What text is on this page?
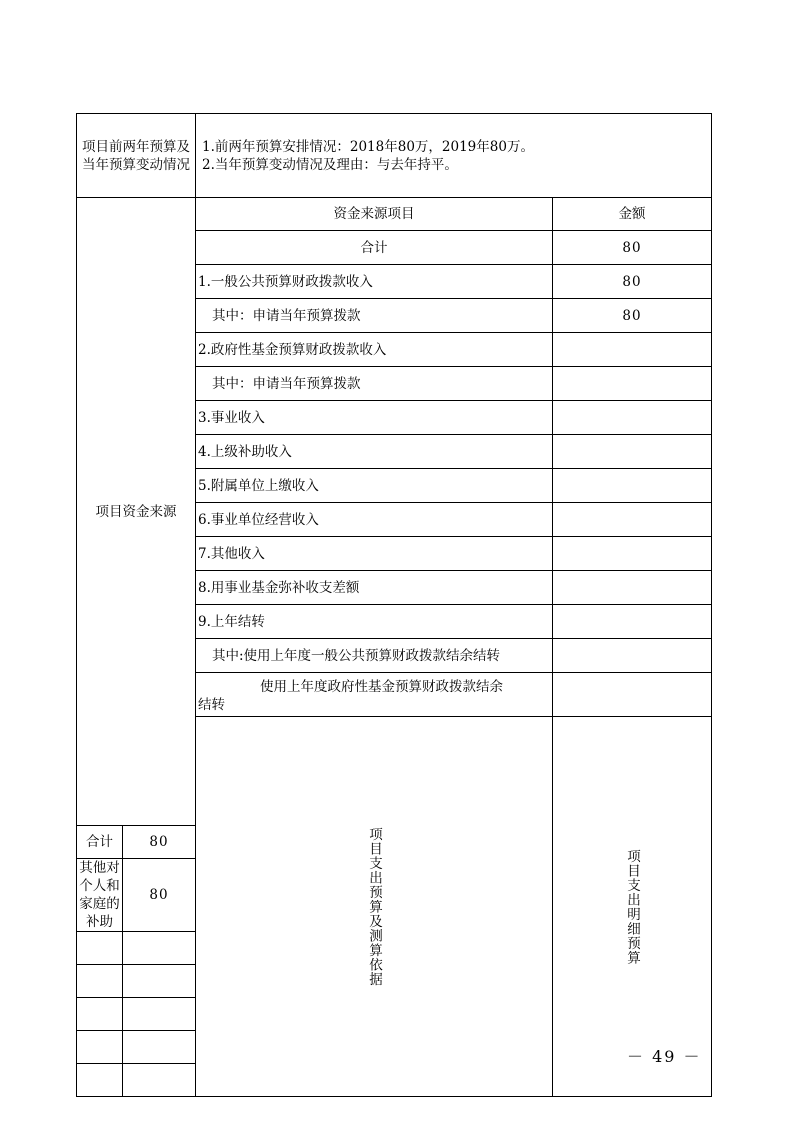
项目前两年预算及当年预算变动情况		1.前两年预算安排情况：2018年80万，2019年80万。
2.当年预算变动情况及理由：与去年持平。		

项目资金来源		资金来源项目	金额	
		合计	80	
		1.一般公共预算财政拨款收入	80	
		其中：申请当年预算拨款	80	
		2.政府性基金预算财政拨款收入		
		其中：申请当年预算拨款		
		3.事业收入		
		4.上级补助收入		
		5.附属单位上缴收入		
		6.事业单位经营收入		
		7.其他收入		
		8.用事业基金弥补收支差额		
		9.上年结转		
		其中:使用上年度一般公共预算财政拨款结余结转		

		使用上年度政府性基金预算财政拨款结余
结转		

		项目支出预算及测算依据	项目支出明细预算

合计	80			
其他对个人和家庭的补助	80			

－ 49 －
